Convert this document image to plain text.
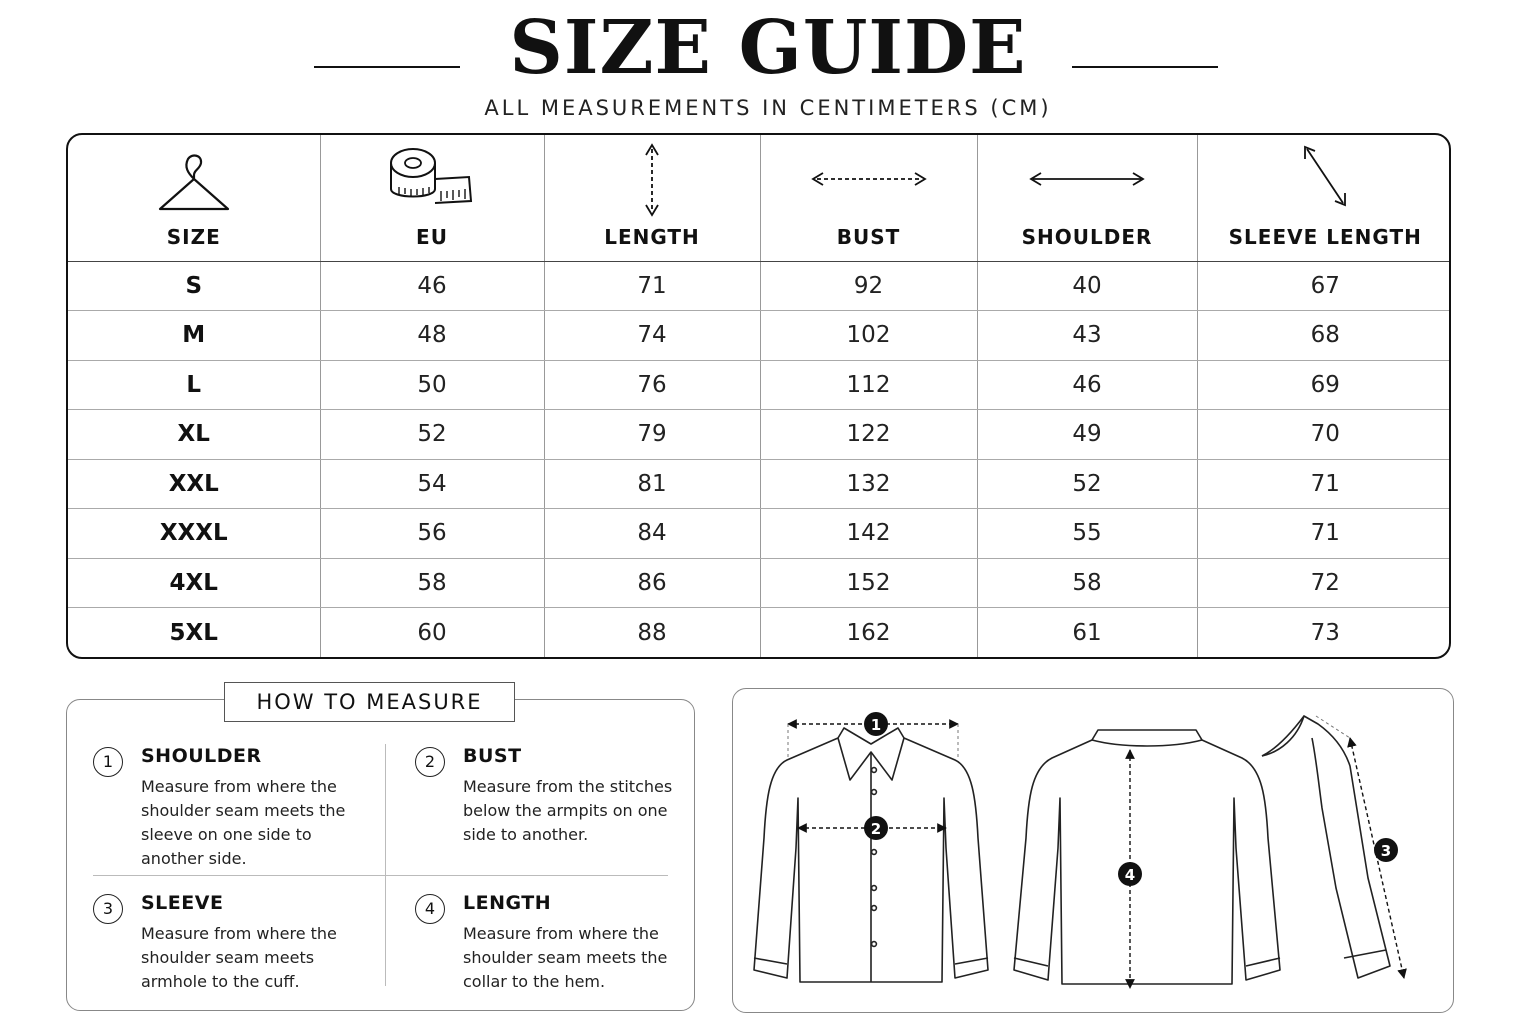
SIZE GUIDE
ALL MEASUREMENTS IN CENTIMETERS (CM)
SIZE	EU	LENGTH	BUST	SHOULDER	SLEEVE LENGTH
S	46	71	92	40	67
M	48	74	102	43	68
L	50	76	112	46	69
XL	52	79	122	49	70
XXL	54	81	132	52	71
XXXL	56	84	142	55	71
4XL	58	86	152	58	72
5XL	60	88	162	61	73
HOW TO MEASURE
1	SHOULDER
Measure from where the shoulder seam meets the sleeve on one side to another side.
2	BUST
Measure from the stitches below the armpits on one side to another.
3	SLEEVE
Measure from where the shoulder seam meets armhole to the cuff.
4	LENGTH
Measure from where the shoulder seam meets the collar to the hem.
1
2
3
4
